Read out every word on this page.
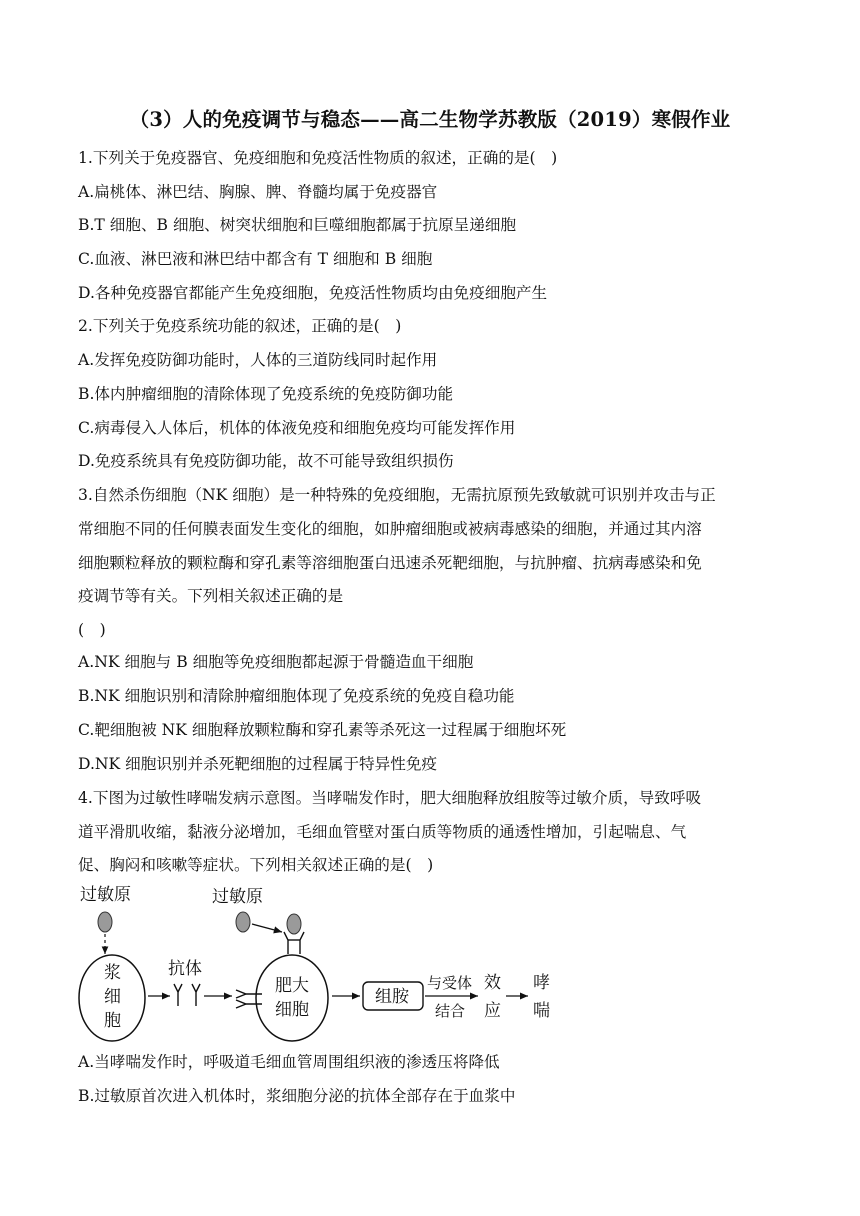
（3）人的免疫调节与稳态——高二生物学苏教版（2019）寒假作业
1.下列关于免疫器官、免疫细胞和免疫活性物质的叙述，正确的是(　)
A.扁桃体、淋巴结、胸腺、脾、脊髓均属于免疫器官
B.T 细胞、B 细胞、树突状细胞和巨噬细胞都属于抗原呈递细胞
C.血液、淋巴液和淋巴结中都含有 T 细胞和 B 细胞
D.各种免疫器官都能产生免疫细胞，免疫活性物质均由免疫细胞产生
2.下列关于免疫系统功能的叙述，正确的是(　)
A.发挥免疫防御功能时，人体的三道防线同时起作用
B.体内肿瘤细胞的清除体现了免疫系统的免疫防御功能
C.病毒侵入人体后，机体的体液免疫和细胞免疫均可能发挥作用
D.免疫系统具有免疫防御功能，故不可能导致组织损伤
3.自然杀伤细胞（NK 细胞）是一种特殊的免疫细胞，无需抗原预先致敏就可识别并攻击与正
常细胞不同的任何膜表面发生变化的细胞，如肿瘤细胞或被病毒感染的细胞，并通过其内溶
细胞颗粒释放的颗粒酶和穿孔素等溶细胞蛋白迅速杀死靶细胞，与抗肿瘤、抗病毒感染和免
疫调节等有关。下列相关叙述正确的是
(　)
A.NK 细胞与 B 细胞等免疫细胞都起源于骨髓造血干细胞
B.NK 细胞识别和清除肿瘤细胞体现了免疫系统的免疫自稳功能
C.靶细胞被 NK 细胞释放颗粒酶和穿孔素等杀死这一过程属于细胞坏死
D.NK 细胞识别并杀死靶细胞的过程属于特异性免疫
4.下图为过敏性哮喘发病示意图。当哮喘发作时，肥大细胞释放组胺等过敏介质，导致呼吸
道平滑肌收缩，黏液分泌增加，毛细血管壁对蛋白质等物质的通透性增加，引起喘息、气
促、胸闷和咳嗽等症状。下列相关叙述正确的是(　)
过敏原
浆
细
胞
抗体
过敏原
肥大
细胞
组胺
与受体
结合
效
应
哮
喘
A.当哮喘发作时，呼吸道毛细血管周围组织液的渗透压将降低
B.过敏原首次进入机体时，浆细胞分泌的抗体全部存在于血浆中
